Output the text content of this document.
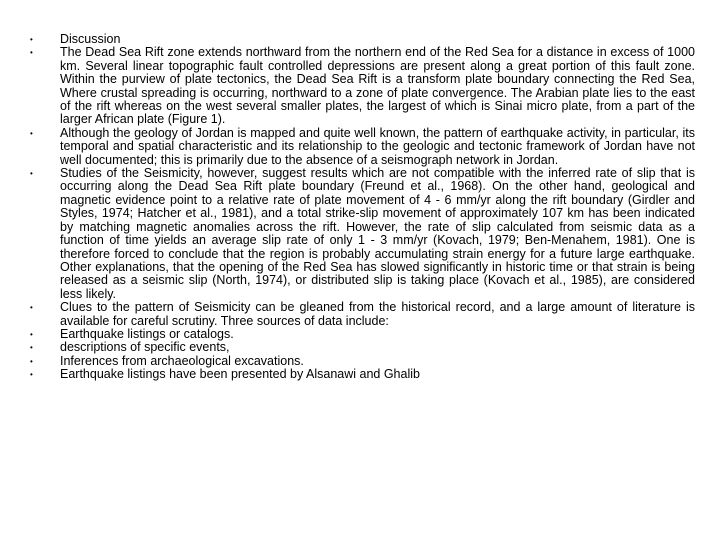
•	Discussion
•	The Dead Sea Rift zone extends northward from the northern end of the Red Sea for a distance in excess of 1000 km. Several linear topographic fault controlled depressions are present along a great portion of this fault zone. Within the purview of plate tectonics, the Dead Sea Rift is a transform plate boundary connecting the Red Sea, Where crustal spreading is occurring, northward to a zone of plate convergence. The Arabian plate lies to the east of the rift whereas on the west several smaller plates, the largest of which is Sinai micro plate, from a part of the larger African plate (Figure 1).
•	Although the geology of Jordan is mapped and quite well known, the pattern of earthquake activity, in particular, its temporal and spatial characteristic and its relationship to the geologic and tectonic framework of Jordan have not well documented; this is primarily due to the absence of a seismograph network in Jordan.
•	Studies of the Seismicity, however, suggest results which are not compatible with the inferred rate of slip that is occurring along the Dead Sea Rift plate boundary (Freund et al., 1968). On the other hand, geological and magnetic evidence point to a relative rate of plate movement of 4 - 6 mm/yr along the rift boundary (Girdler and Styles, 1974; Hatcher et al., 1981), and a total strike-slip movement of approximately 107 km has been indicated by matching magnetic anomalies across the rift. However, the rate of slip calculated from seismic data as a function of time yields an average slip rate of only 1 - 3 mm/yr (Kovach, 1979; Ben-Menahem, 1981). One is therefore forced to conclude that the region is probably accumulating strain energy for a future large earthquake. Other explanations, that the opening of the Red Sea has slowed significantly in historic time or that strain is being released as a seismic slip (North, 1974), or distributed slip is taking place (Kovach et al., 1985), are considered less likely.
•	Clues to the pattern of Seismicity can be gleaned from the historical record, and a large amount of literature is available for careful scrutiny. Three sources of data include:
•	Earthquake listings or catalogs.
•	descriptions of specific events,
•	Inferences from archaeological excavations.
•	Earthquake listings have been presented by Alsanawi and Ghalib
